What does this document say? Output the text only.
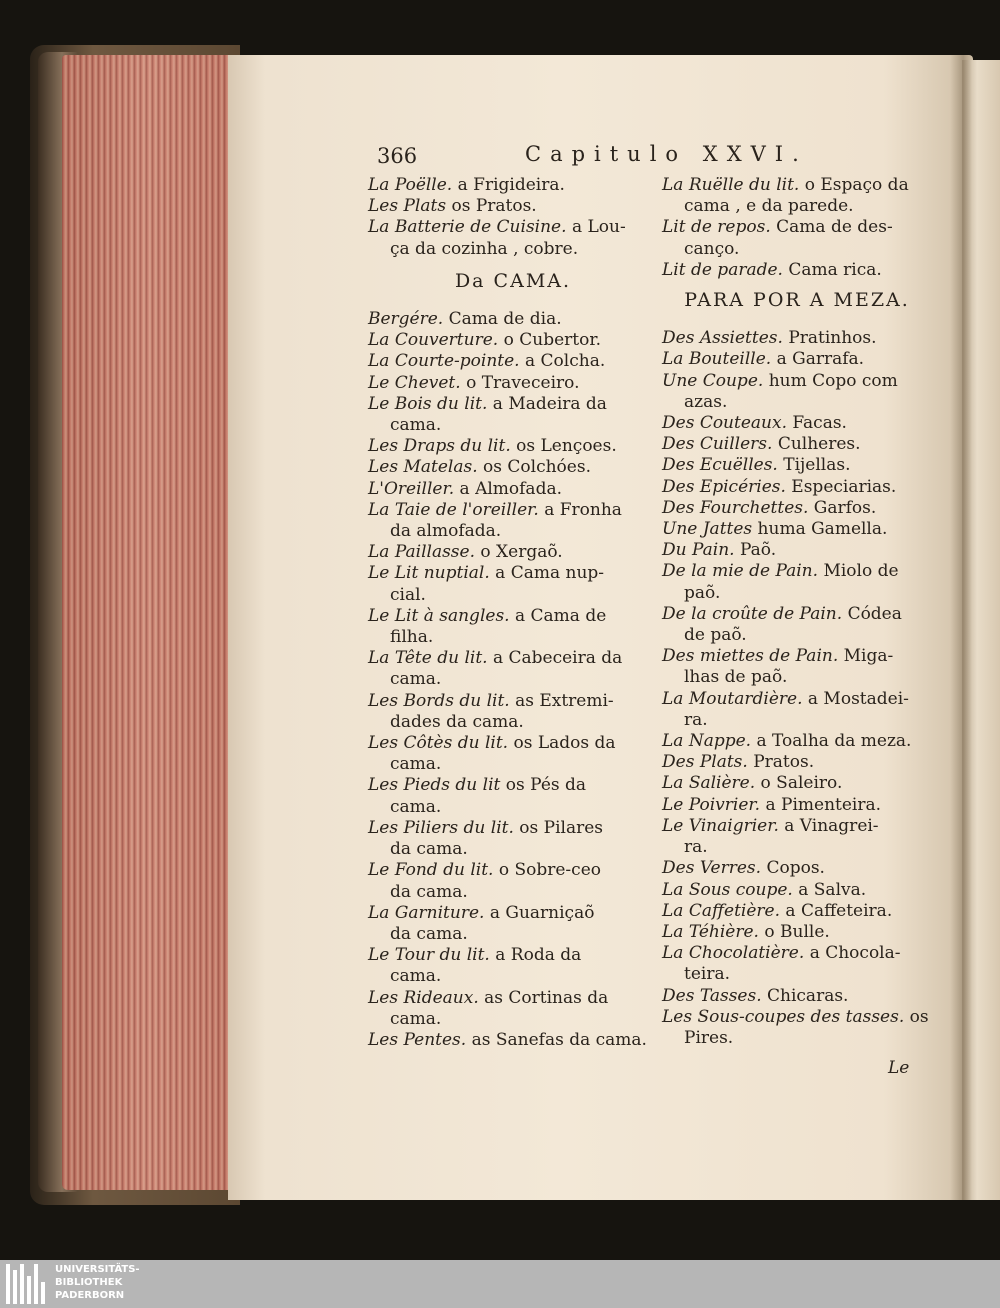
366	Capitulo XXVI.

La Poëlle. a Frigideira.

Les Plats os Pratos.

La Batterie de Cuisine. a Lou-
ça da cozinha , cobre.

Da CAMA.

Bergére. Cama de dia.

La Couverture. o Cubertor.

La Courte-pointe. a Colcha.

Le Chevet. o Traveceiro.

Le Bois du lit. a Madeira da
cama.

Les Draps du lit. os Lençoes.

Les Matelas. os Colchóes.

L'Oreiller. a Almofada.

La Taie de l'oreiller. a Fronha
da almofada.

La Paillasse. o Xergaõ.

Le Lit nuptial. a Cama nup-
cial.

Le Lit à sangles. a Cama de
filha.

La Tête du lit. a Cabeceira da
cama.

Les Bords du lit. as Extremi-
dades da cama.

Les Côtès du lit. os Lados da
cama.

Les Pieds du lit os Pés da
cama.

Les Piliers du lit. os Pilares
da cama.

Le Fond du lit. o Sobre-ceo
da cama.

La Garniture. a Guarniçaõ
da cama.

Le Tour du lit. a Roda da
cama.

Les Rideaux. as Cortinas da
cama.

Les Pentes. as Sanefas da cama.

La Ruëlle du lit. o Espaço da
cama , e da parede.

Lit de repos. Cama de des-
canço.

Lit de parade. Cama rica.

PARA POR A MEZA.

Des Assiettes. Pratinhos.

La Bouteille. a Garrafa.

Une Coupe. hum Copo com
azas.

Des Couteaux. Facas.

Des Cuillers. Culheres.

Des Ecuëlles. Tijellas.

Des Epicéries. Especiarias.

Des Fourchettes. Garfos.

Une Jattes huma Gamella.

Du Pain. Paõ.

De la mie de Pain. Miolo de
paõ.

De la croûte de Pain. Códea
de paõ.

Des miettes de Pain. Miga-
lhas de paõ.

La Moutardière. a Mostadei-
ra.

La Nappe. a Toalha da meza.

Des Plats. Pratos.

La Salière. o Saleiro.

Le Poivrier. a Pimenteira.

Le Vinaigrier. a Vinagrei-
ra.

Des Verres. Copos.

La Sous coupe. a Salva.

La Caffetière. a Caffeteira.

La Téhière. o Bulle.

La Chocolatière. a Chocola-
teira.

Des Tasses. Chicaras.

Les Sous-coupes des tasses. os
Pires.

Le
UNIVERSITÄTS-
BIBLIOTHEK
PADERBORN
